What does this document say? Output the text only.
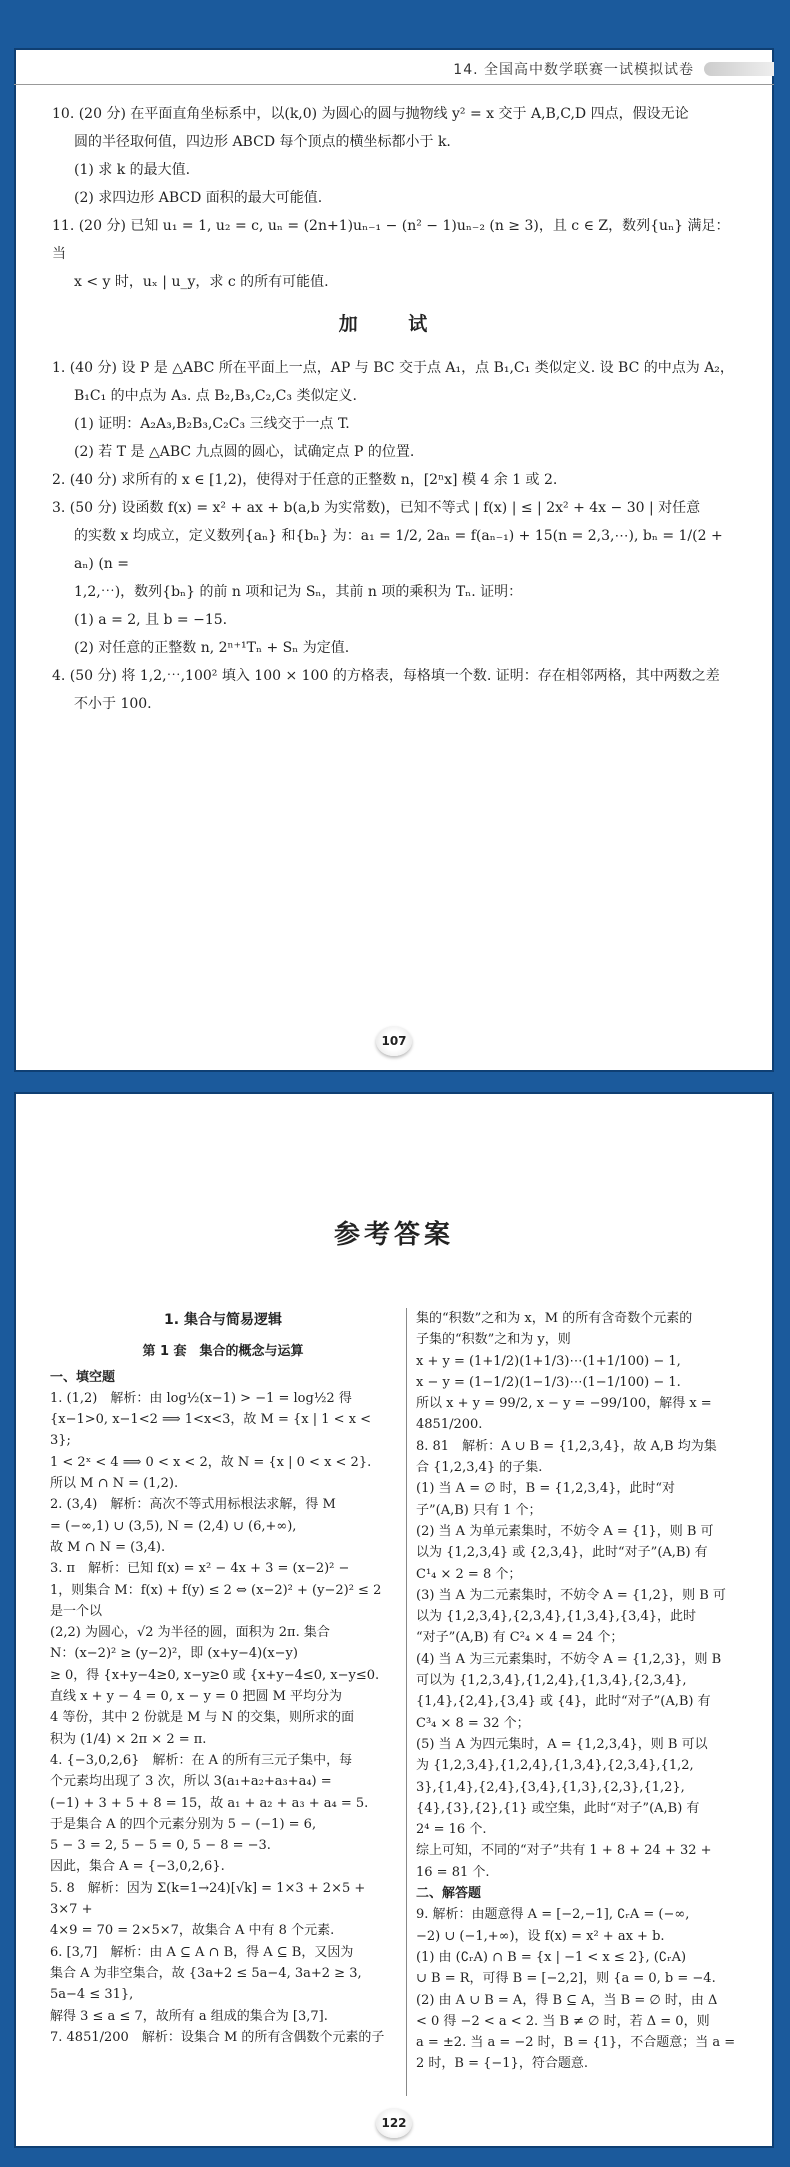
14. 全国高中数学联赛一试模拟试卷

10. (20 分) 在平面直角坐标系中，以(k,0) 为圆心的圆与抛物线 y² = x 交于 A,B,C,D 四点，假设无论

圆的半径取何值，四边形 ABCD 每个顶点的横坐标都小于 k.

(1) 求 k 的最大值.

(2) 求四边形 ABCD 面积的最大可能值.

11. (20 分) 已知 u₁ = 1, u₂ = c, uₙ = (2n+1)uₙ₋₁ − (n² − 1)uₙ₋₂ (n ≥ 3)，且 c ∈ Z，数列{uₙ} 满足：当

x < y 时，uₓ | u_y，求 c 的所有可能值.

加 试

1. (40 分) 设 P 是 △ABC 所在平面上一点，AP 与 BC 交于点 A₁，点 B₁,C₁ 类似定义. 设 BC 的中点为 A₂，

B₁C₁ 的中点为 A₃. 点 B₂,B₃,C₂,C₃ 类似定义.

(1) 证明：A₂A₃,B₂B₃,C₂C₃ 三线交于一点 T.

(2) 若 T 是 △ABC 九点圆的圆心，试确定点 P 的位置.

2. (40 分) 求所有的 x ∈ [1,2)，使得对于任意的正整数 n，[2ⁿx] 模 4 余 1 或 2.

3. (50 分) 设函数 f(x) = x² + ax + b(a,b 为实常数)，已知不等式 | f(x) | ≤ | 2x² + 4x − 30 | 对任意

的实数 x 均成立，定义数列{aₙ} 和{bₙ} 为：a₁ = 1/2, 2aₙ = f(aₙ₋₁) + 15(n = 2,3,⋯), bₙ = 1/(2 + aₙ) (n =

1,2,⋯)，数列{bₙ} 的前 n 项和记为 Sₙ，其前 n 项的乘积为 Tₙ. 证明：

(1) a = 2, 且 b = −15.

(2) 对任意的正整数 n, 2ⁿ⁺¹Tₙ + Sₙ 为定值.

4. (50 分) 将 1,2,⋯,100² 填入 100 × 100 的方格表，每格填一个数. 证明：存在相邻两格，其中两数之差

不小于 100.

107
参考答案
1. 集合与简易逻辑
第 1 套　集合的概念与运算
一、填空题

1. (1,2)　解析：由 log½(x−1) > −1 = log½2 得

{x−1>0, x−1<2 ⟹ 1<x<3，故 M = {x | 1 < x < 3};

1 < 2ˣ < 4 ⟹ 0 < x < 2，故 N = {x | 0 < x < 2}.

所以 M ∩ N = (1,2).

2. (3,4)　解析：高次不等式用标根法求解，得 M

= (−∞,1) ∪ (3,5), N = (2,4) ∪ (6,+∞),

故 M ∩ N = (3,4).

3. π　解析：已知 f(x) = x² − 4x + 3 = (x−2)² −

1，则集合 M：f(x) + f(y) ≤ 2 ⇔ (x−2)² + (y−2)² ≤ 2 是一个以

(2,2) 为圆心，√2 为半径的圆，面积为 2π. 集合

N：(x−2)² ≥ (y−2)²，即 (x+y−4)(x−y)

≥ 0，得 {x+y−4≥0, x−y≥0 或 {x+y−4≤0, x−y≤0.

直线 x + y − 4 = 0, x − y = 0 把圆 M 平均分为

4 等份，其中 2 份就是 M 与 N 的交集，则所求的面

积为 (1/4) × 2π × 2 = π.

4. {−3,0,2,6}　解析：在 A 的所有三元子集中，每

个元素均出现了 3 次，所以 3(a₁+a₂+a₃+a₄) =

(−1) + 3 + 5 + 8 = 15，故 a₁ + a₂ + a₃ + a₄ = 5.

于是集合 A 的四个元素分别为 5 − (−1) = 6,

5 − 3 = 2, 5 − 5 = 0, 5 − 8 = −3.

因此，集合 A = {−3,0,2,6}.

5. 8　解析：因为 Σ(k=1→24)[√k] = 1×3 + 2×5 + 3×7 +

4×9 = 70 = 2×5×7，故集合 A 中有 8 个元素.

6. [3,7]　解析：由 A ⊆ A ∩ B，得 A ⊆ B，又因为

集合 A 为非空集合，故 {3a+2 ≤ 5a−4, 3a+2 ≥ 3, 5a−4 ≤ 31},

解得 3 ≤ a ≤ 7，故所有 a 组成的集合为 [3,7].

7. 4851/200　解析：设集合 M 的所有含偶数个元素的子

集的“积数”之和为 x，M 的所有含奇数个元素的

子集的“积数”之和为 y，则

x + y = (1+1/2)(1+1/3)⋯(1+1/100) − 1,

x − y = (1−1/2)(1−1/3)⋯(1−1/100) − 1.

所以 x + y = 99/2, x − y = −99/100，解得 x = 4851/200.

8. 81　解析：A ∪ B = {1,2,3,4}，故 A,B 均为集

合 {1,2,3,4} 的子集.

(1) 当 A = ∅ 时，B = {1,2,3,4}，此时“对

子”(A,B) 只有 1 个；

(2) 当 A 为单元素集时，不妨令 A = {1}，则 B 可

以为 {1,2,3,4} 或 {2,3,4}，此时“对子”(A,B) 有

C¹₄ × 2 = 8 个；

(3) 当 A 为二元素集时，不妨令 A = {1,2}，则 B 可

以为 {1,2,3,4},{2,3,4},{1,3,4},{3,4}，此时

“对子”(A,B) 有 C²₄ × 4 = 24 个；

(4) 当 A 为三元素集时，不妨令 A = {1,2,3}，则 B

可以为 {1,2,3,4},{1,2,4},{1,3,4},{2,3,4},

{1,4},{2,4},{3,4} 或 {4}，此时“对子”(A,B) 有

C³₄ × 8 = 32 个；

(5) 当 A 为四元集时，A = {1,2,3,4}，则 B 可以

为 {1,2,3,4},{1,2,4},{1,3,4},{2,3,4},{1,2,

3},{1,4},{2,4},{3,4},{1,3},{2,3},{1,2},

{4},{3},{2},{1} 或空集，此时“对子”(A,B) 有

2⁴ = 16 个.

综上可知，不同的“对子”共有 1 + 8 + 24 + 32 +

16 = 81 个.

二、解答题

9. 解析：由题意得 A = [−2,−1], ∁ᵣA = (−∞,

−2) ∪ (−1,+∞)，设 f(x) = x² + ax + b.

(1) 由 (∁ᵣA) ∩ B = {x | −1 < x ≤ 2}, (∁ᵣA)

∪ B = R，可得 B = [−2,2]，则 {a = 0, b = −4.

(2) 由 A ∪ B = A，得 B ⊆ A，当 B = ∅ 时，由 Δ

< 0 得 −2 < a < 2. 当 B ≠ ∅ 时，若 Δ = 0，则

a = ±2. 当 a = −2 时，B = {1}，不合题意；当 a =

2 时，B = {−1}，符合题意.

122
